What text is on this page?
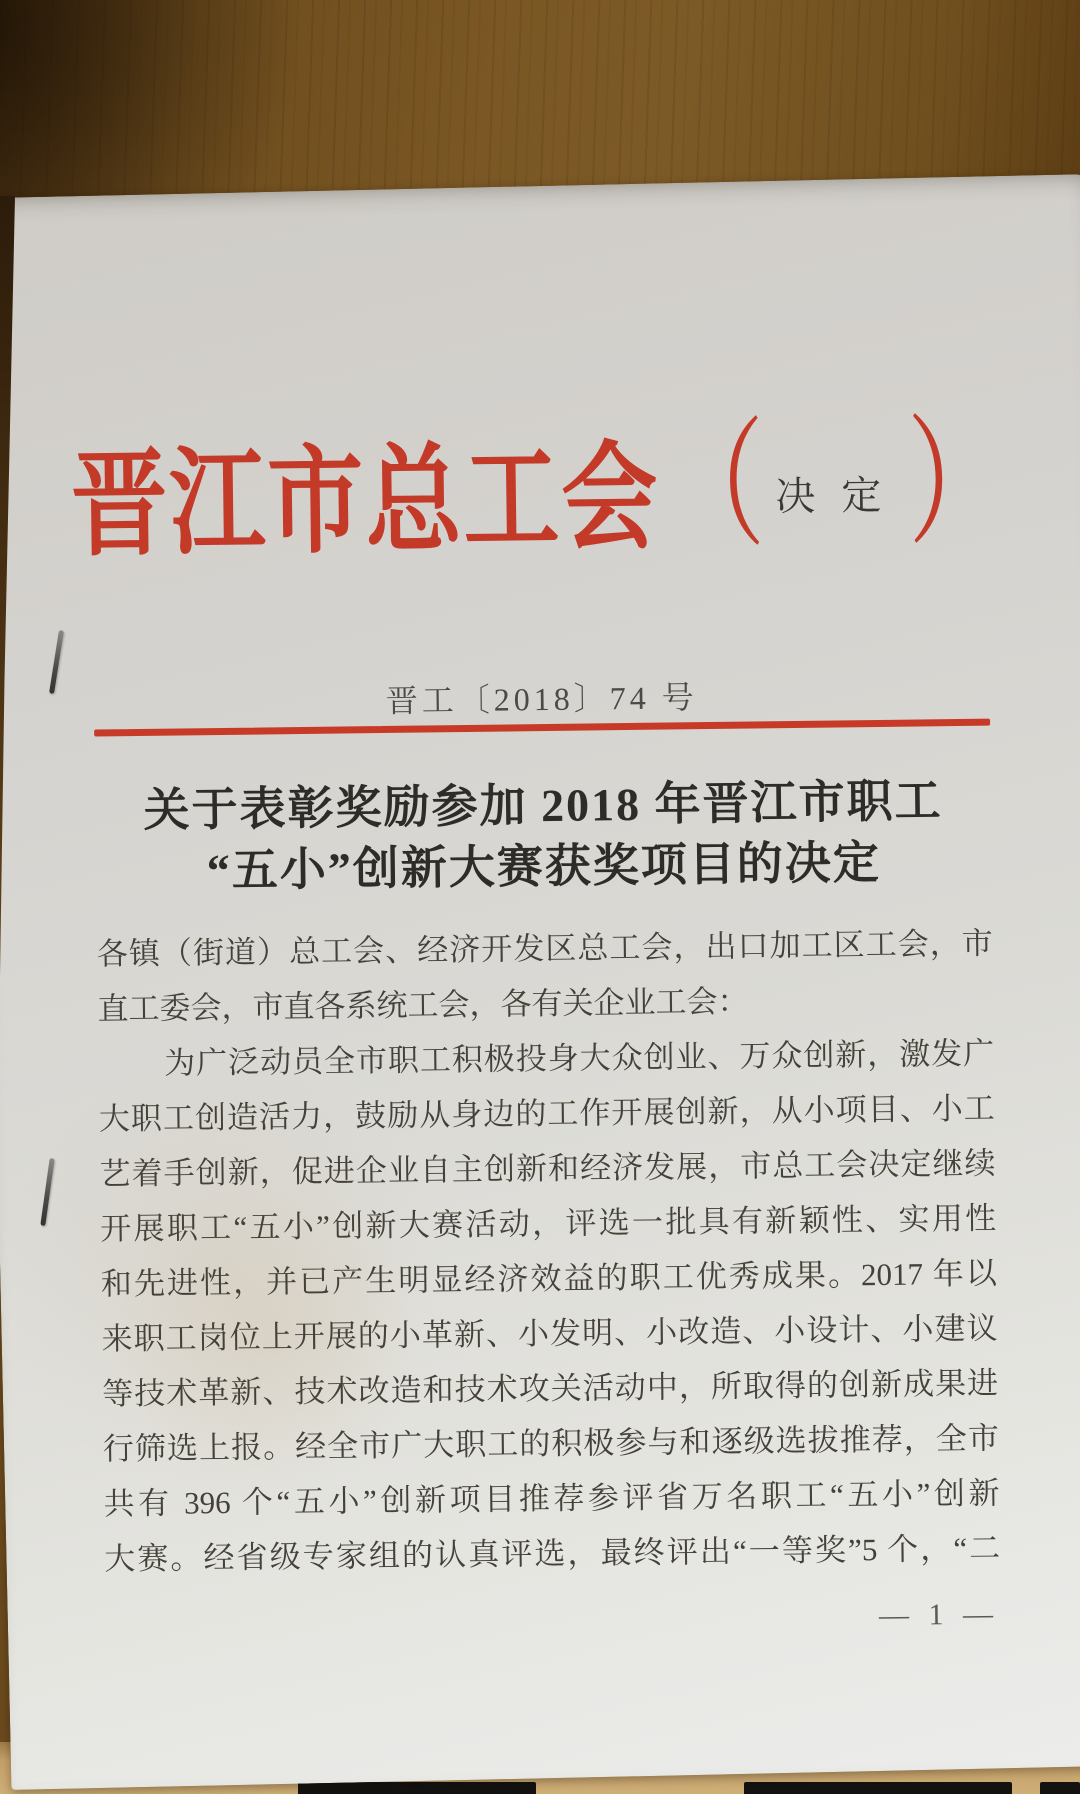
晋江市总工会 （ 决定 ）
晋工〔2018〕74 号
关于表彰奖励参加 2018 年晋江市职工
“五小”创新大赛获奖项目的决定
各镇（街道）总工会、经济开发区总工会，出口加工区工会，市
直工委会，市直各系统工会，各有关企业工会：
为广泛动员全市职工积极投身大众创业、万众创新，激发广
大职工创造活力，鼓励从身边的工作开展创新，从小项目、小工
艺着手创新，促进企业自主创新和经济发展，市总工会决定继续
开展职工“五小”创新大赛活动，评选一批具有新颖性、实用性
和先进性，并已产生明显经济效益的职工优秀成果。2017 年以
来职工岗位上开展的小革新、小发明、小改造、小设计、小建议
等技术革新、技术改造和技术攻关活动中，所取得的创新成果进
行筛选上报。经全市广大职工的积极参与和逐级选拔推荐，全市
共有 396 个“五小”创新项目推荐参评省万名职工“五小”创新
大赛。经省级专家组的认真评选，最终评出“一等奖”5 个，“二
— 1 —
